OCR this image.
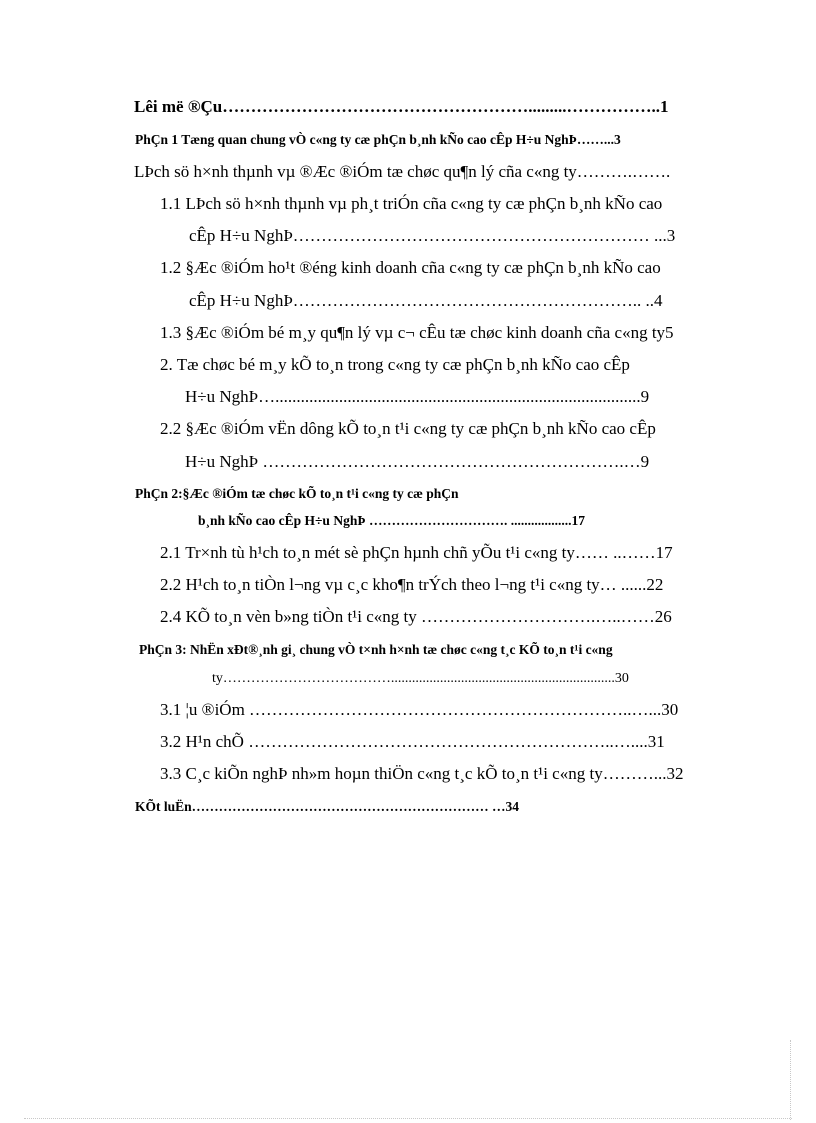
Lêi më ®Çu……………………………………………….........……………..1
PhÇn 1 Tæng quan chung vÒ c«ng ty cæ phÇn b¸nh kÑo cao cÊp H÷u NghÞ……...3
LÞch sö h×nh thµnh vµ ®Æc ®iÓm tæ chøc qu¶n lý cña c«ng ty……….…….
1.1 LÞch sö h×nh thµnh vµ ph¸t triÓn cña c«ng ty cæ phÇn b¸nh kÑo cao
cÊp H÷u NghÞ……………………………………………………… ...3
1.2 §Æc ®iÓm ho¹t ®éng kinh doanh cña c«ng ty cæ phÇn b¸nh kÑo cao
cÊp H÷u NghÞ…………………………………………………….. ..4
1.3 §Æc ®iÓm bé m¸y qu¶n lý vµ c¬ cÊu tæ chøc kinh doanh cña c«ng ty5
2. Tæ chøc bé m¸y kÕ to¸n trong c«ng ty cæ phÇn b¸nh kÑo cao cÊp
H÷u NghÞ…......................................................................................9
2.2 §Æc ®iÓm vËn dông kÕ to¸n t¹i c«ng ty cæ phÇn b¸nh kÑo cao cÊp
H÷u NghÞ ……………………………………………………….…9
PhÇn 2:§Æc ®iÓm tæ chøc kÕ to¸n t¹i c«ng ty cæ phÇn
b¸nh kÑo cao cÊp H÷u NghÞ …………………………. ..................17
2.1 Tr×nh tù h¹ch to¸n mét sè phÇn hµnh chñ yÕu t¹i c«ng ty…… ..……17
2.2 H¹ch to¸n tiÒn l¬ng vµ c¸c kho¶n trÝch theo l¬ng t¹i c«ng ty… ......22
2.4 KÕ to¸n vèn b»ng tiÒn t¹i c«ng ty ………………………….…..……26
PhÇn 3: NhËn xÐt®¸nh gi¸ chung vÒ t×nh h×nh tæ chøc c«ng t¸c KÕ to¸n t¹i c«ng
ty………………………………................................................................30
3.1 ¦u ®iÓm …………………………………………………………..…...30
3.2 H¹n chÕ ………………………………………………………..…....31
3.3 C¸c kiÕn nghÞ nh»m hoµn thiÖn c«ng t¸c kÕ to¸n t¹i c«ng ty………...32
KÕt luËn………………………………………………………… …34
